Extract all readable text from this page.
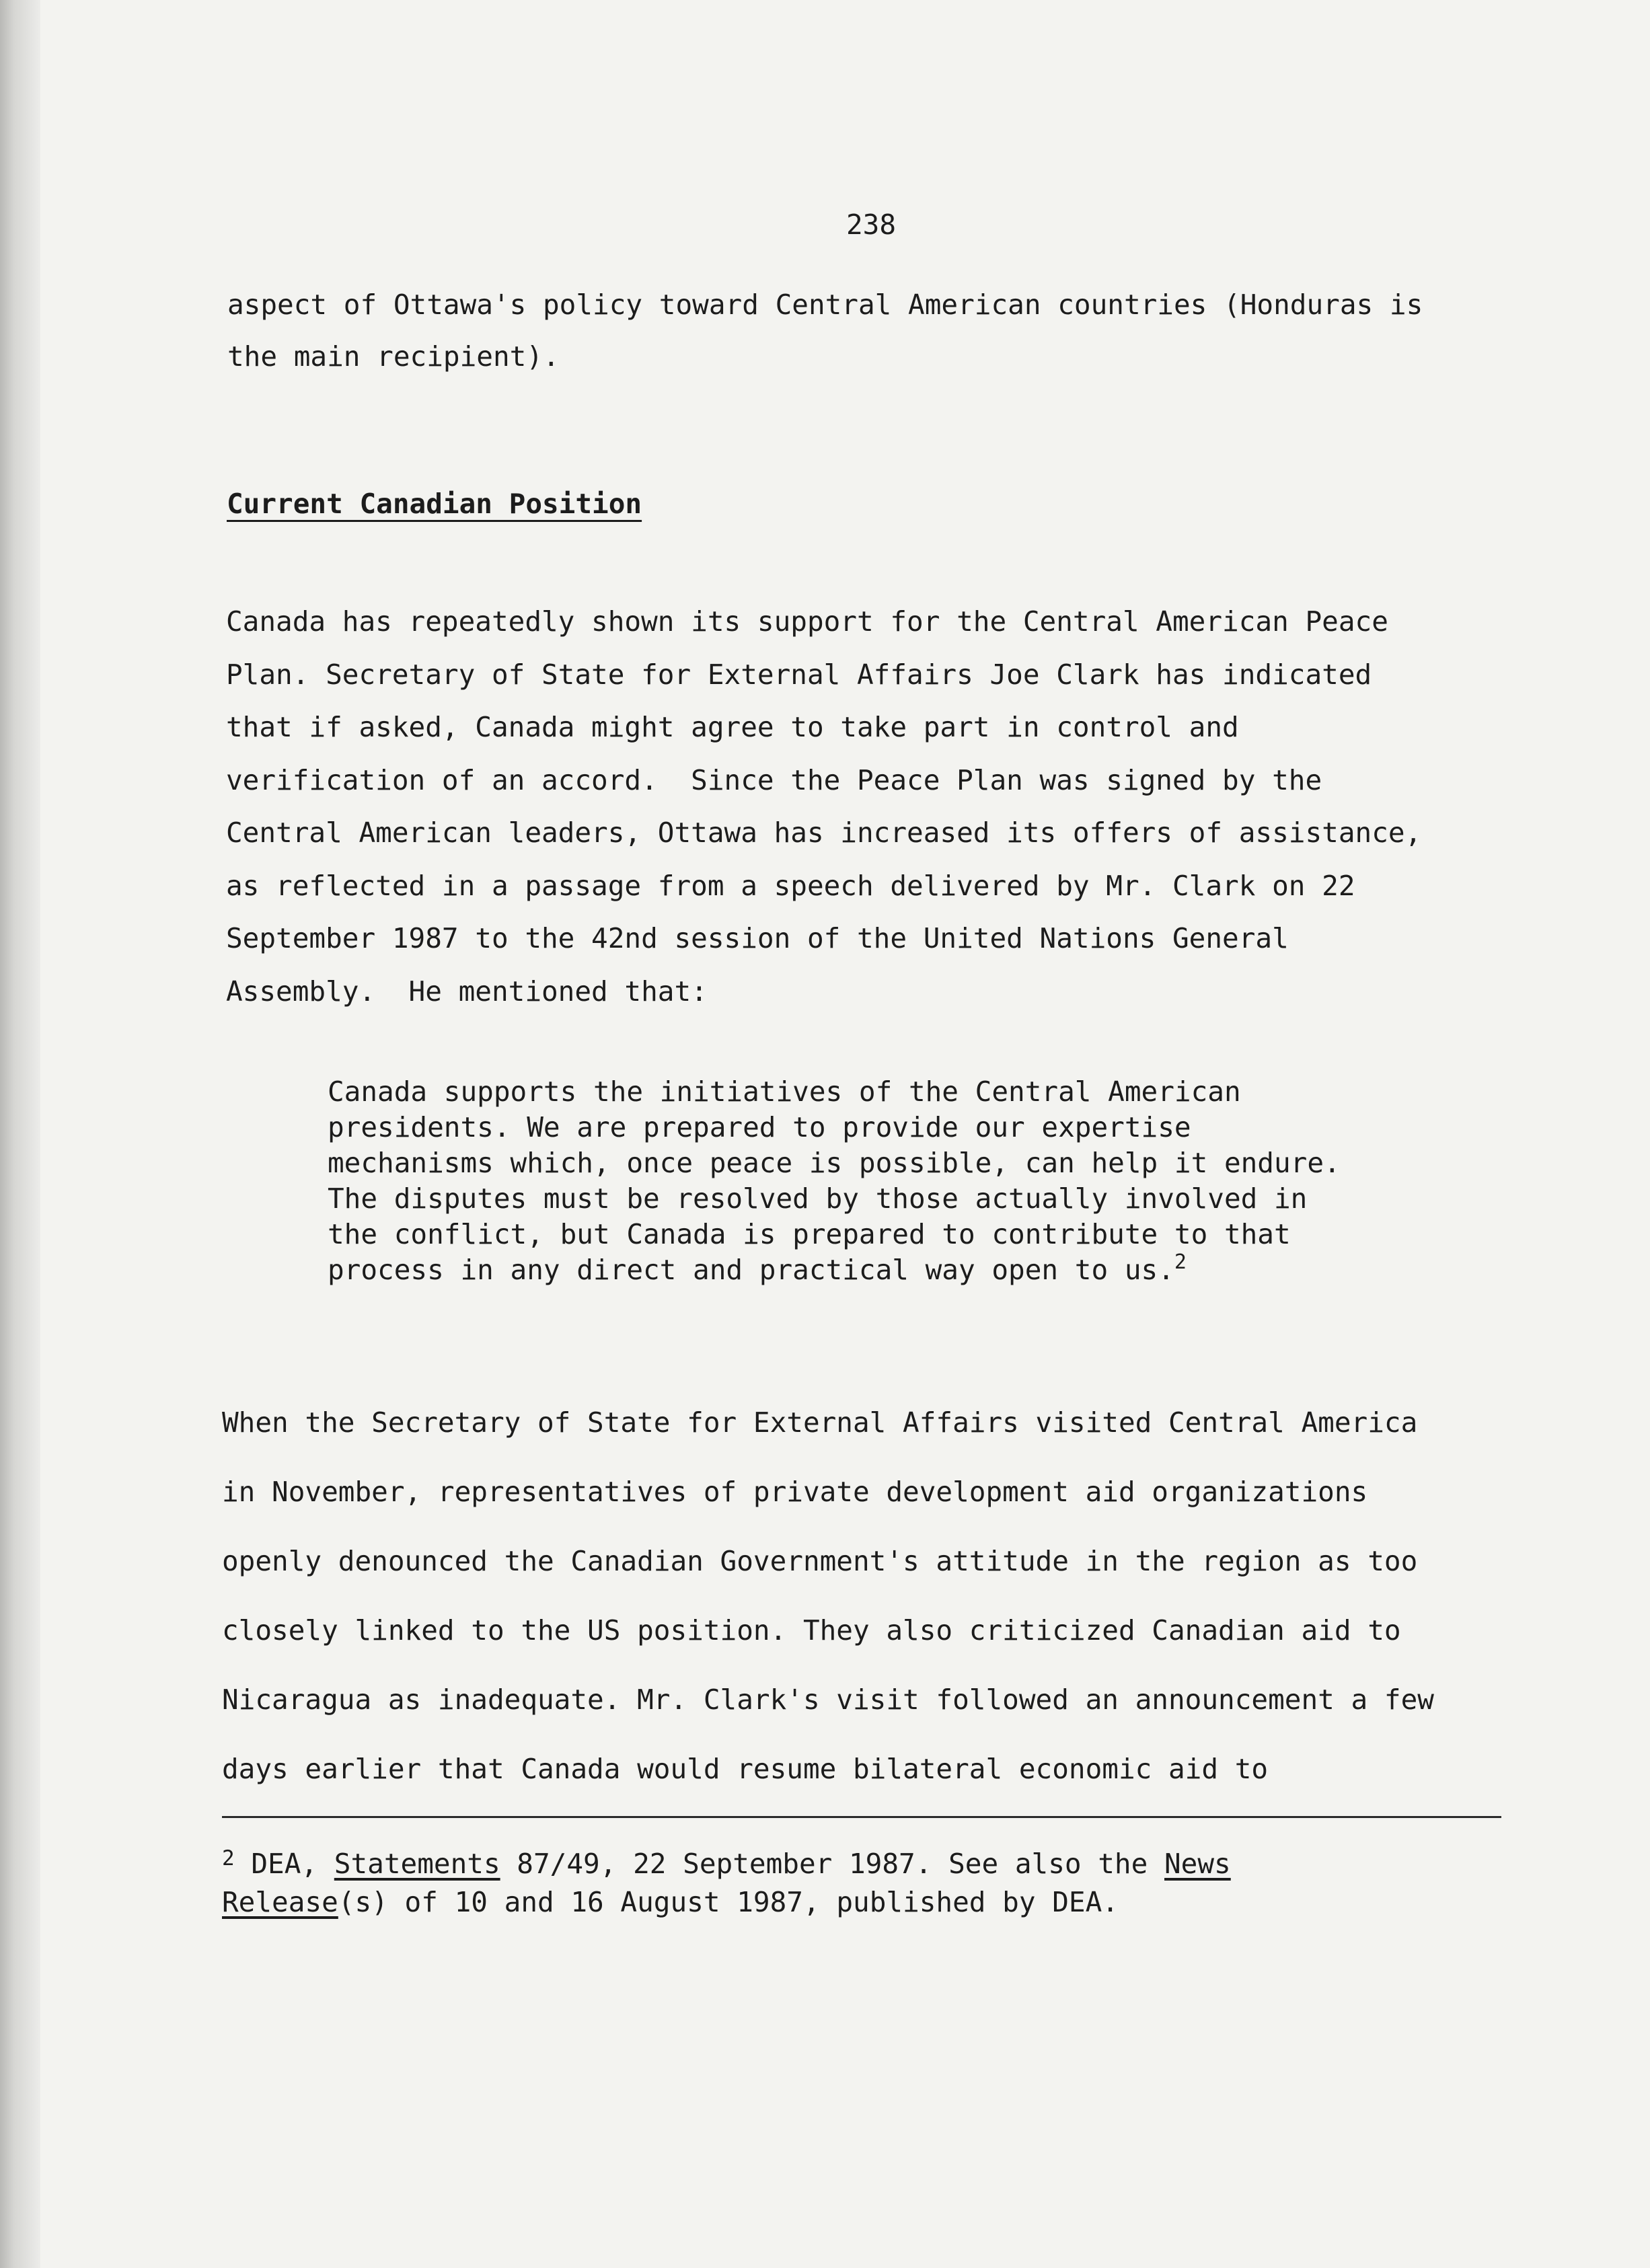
238
aspect of Ottawa's policy toward Central American countries (Honduras is
the main recipient).
Current Canadian Position
Canada has repeatedly shown its support for the Central American Peace
Plan. Secretary of State for External Affairs Joe Clark has indicated
that if asked, Canada might agree to take part in control and
verification of an accord.  Since the Peace Plan was signed by the
Central American leaders, Ottawa has increased its offers of assistance,
as reflected in a passage from a speech delivered by Mr. Clark on 22
September 1987 to the 42nd session of the United Nations General
Assembly.  He mentioned that:
Canada supports the initiatives of the Central American
presidents. We are prepared to provide our expertise
mechanisms which, once peace is possible, can help it endure.
The disputes must be resolved by those actually involved in
the conflict, but Canada is prepared to contribute to that
process in any direct and practical way open to us.$^2$
When the Secretary of State for External Affairs visited Central America
in November, representatives of private development aid organizations
openly denounced the Canadian Government's attitude in the region as too
closely linked to the US position. They also criticized Canadian aid to
Nicaragua as inadequate. Mr. Clark's visit followed an announcement a few
days earlier that Canada would resume bilateral economic aid to
$^2$ DEA, Statements 87/49, 22 September 1987. See also the News
Release(s) of 10 and 16 August 1987, published by DEA.
